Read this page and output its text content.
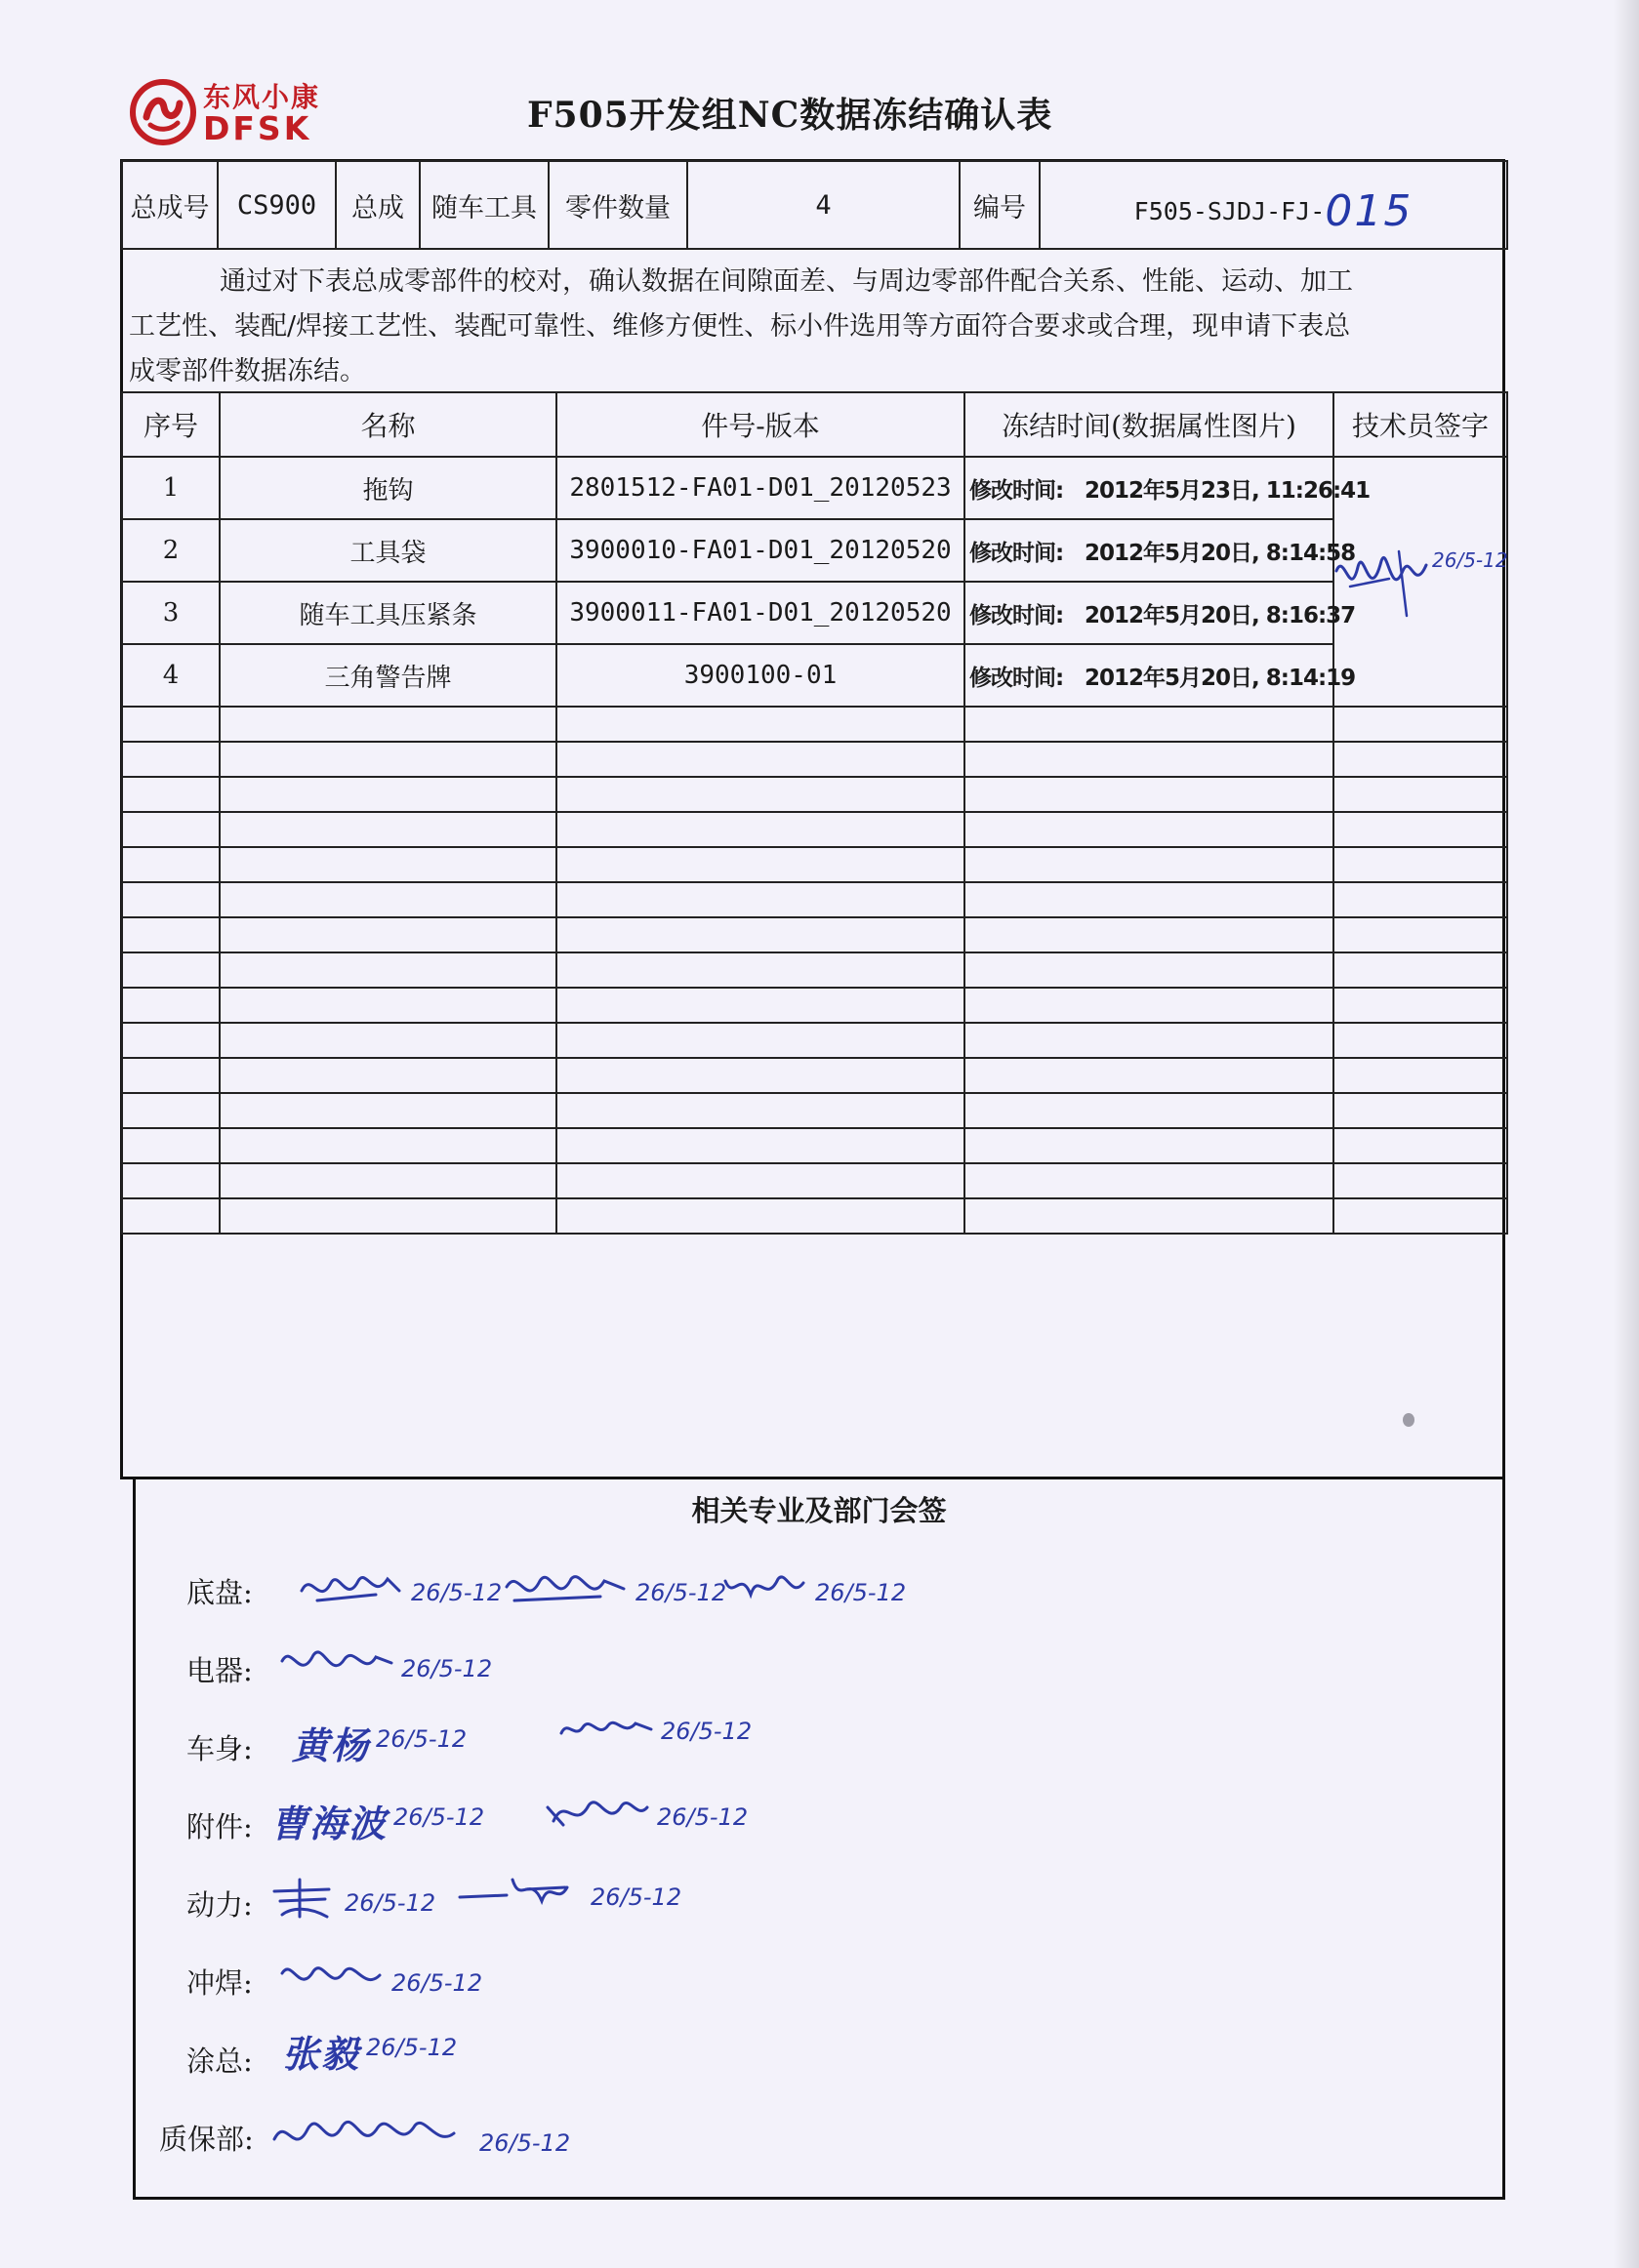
东风小康
DFSK	F505开发组NC数据冻结确认表
总成号	CS900	总成	随车工具	零件数量	4	编号	F505-SJDJ-FJ-015
通过对下表总成零部件的校对，确认数据在间隙面差、与周边零部件配合关系、性能、运动、加工
工艺性、装配/焊接工艺性、装配可靠性、维修方便性、标小件选用等方面符合要求或合理，现申请下表总
成零部件数据冻结。
序号	名称	件号-版本	冻结时间(数据属性图片)	技术员签字
1	拖钩	2801512-FA01-D01_20120523	修改时间: 2012年5月23日, 11:26:41	
2	工具袋	3900010-FA01-D01_20120520	修改时间: 2012年5月20日, 8:14:58	
3	随车工具压紧条	3900011-FA01-D01_20120520	修改时间: 2012年5月20日, 8:16:37	
4	三角警告牌	3900100-01	修改时间: 2012年5月20日, 8:14:19	

26/5-12
相关专业及部门会签
底盘:	26/5-12	26/5-12	26/5-12
电器:	26/5-12
车身: 黄杨 26/5-12	26/5-12
附件: 曹海波 26/5-12	26/5-12
动力:	26/5-12	26/5-12
冲焊:	26/5-12
涂总: 张毅 26/5-12
质保部:	26/5-12
